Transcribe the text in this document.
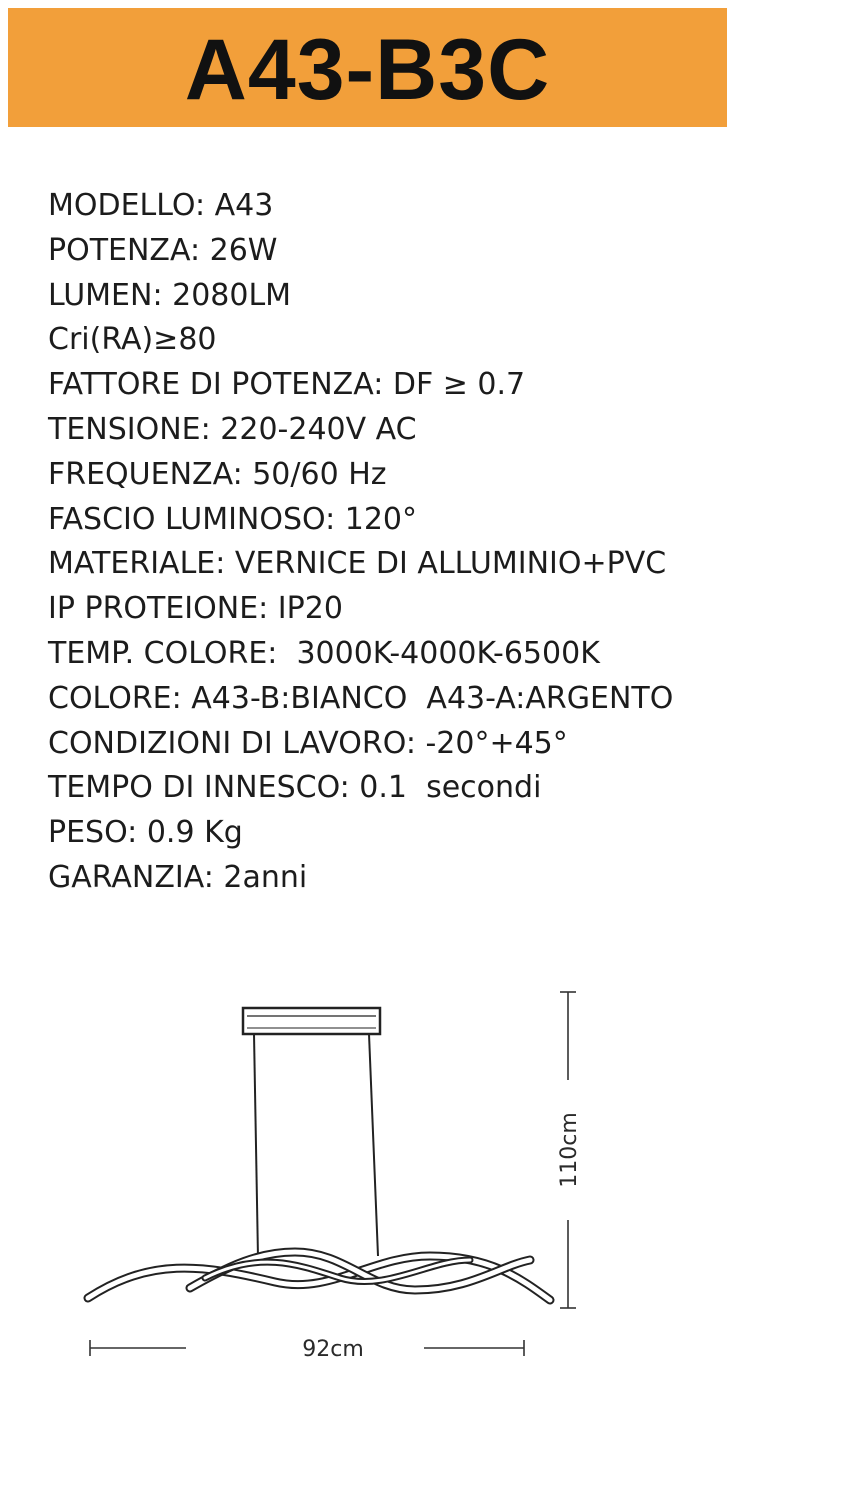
A43-B3C
MODELLO: A43
POTENZA: 26W
LUMEN: 2080LM
Cri(RA)≥80
FATTORE DI POTENZA: DF ≥ 0.7
TENSIONE: 220-240V AC
FREQUENZA: 50/60 Hz
FASCIO LUMINOSO: 120°
MATERIALE: VERNICE DI ALLUMINIO+PVC
IP PROTEIONE: IP20
TEMP. COLORE:  3000K-4000K-6500K
COLORE: A43-B:BIANCO  A43-A:ARGENTO
CONDIZIONI DI LAVORO: -20°+45°
TEMPO DI INNESCO: 0.1  secondi
PESO: 0.9 Kg
GARANZIA: 2anni
110cm
92cm
